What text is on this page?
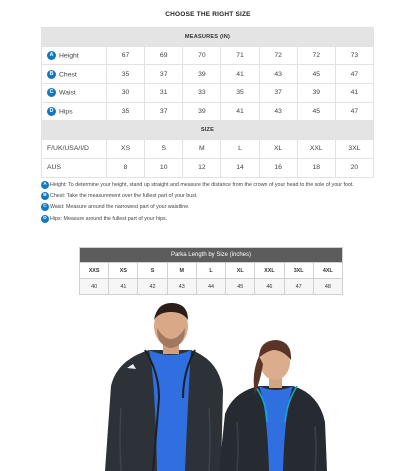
CHOOSE THE RIGHT SIZE
MEASURES (IN)							
A Height	67	69	70	71	72	72	73
B Chest	35	37	39	41	43	45	47
C Waist	30	31	33	35	37	39	41
D Hips	35	37	39	41	43	45	47
SIZE							
F/UK/USA/I/D	XS	S	M	L	XL	XXL	3XL
AUS	8	10	12	14	16	18	20
A Height: To determine your height, stand up straight and measure the distance from the crown of your head to the sole of your foot.
B Chest: Take the measurement over the fullest part of your bust.
C Waist: Measure around the narrowest part of your waistline.
D Hips: Measure around the fullest part of your hips.
Parka Length by Size (inches)								
XXS	XS	S	M	L	XL	XXL	3XL	4XL
40	41	42	43	44	45	46	47	48
